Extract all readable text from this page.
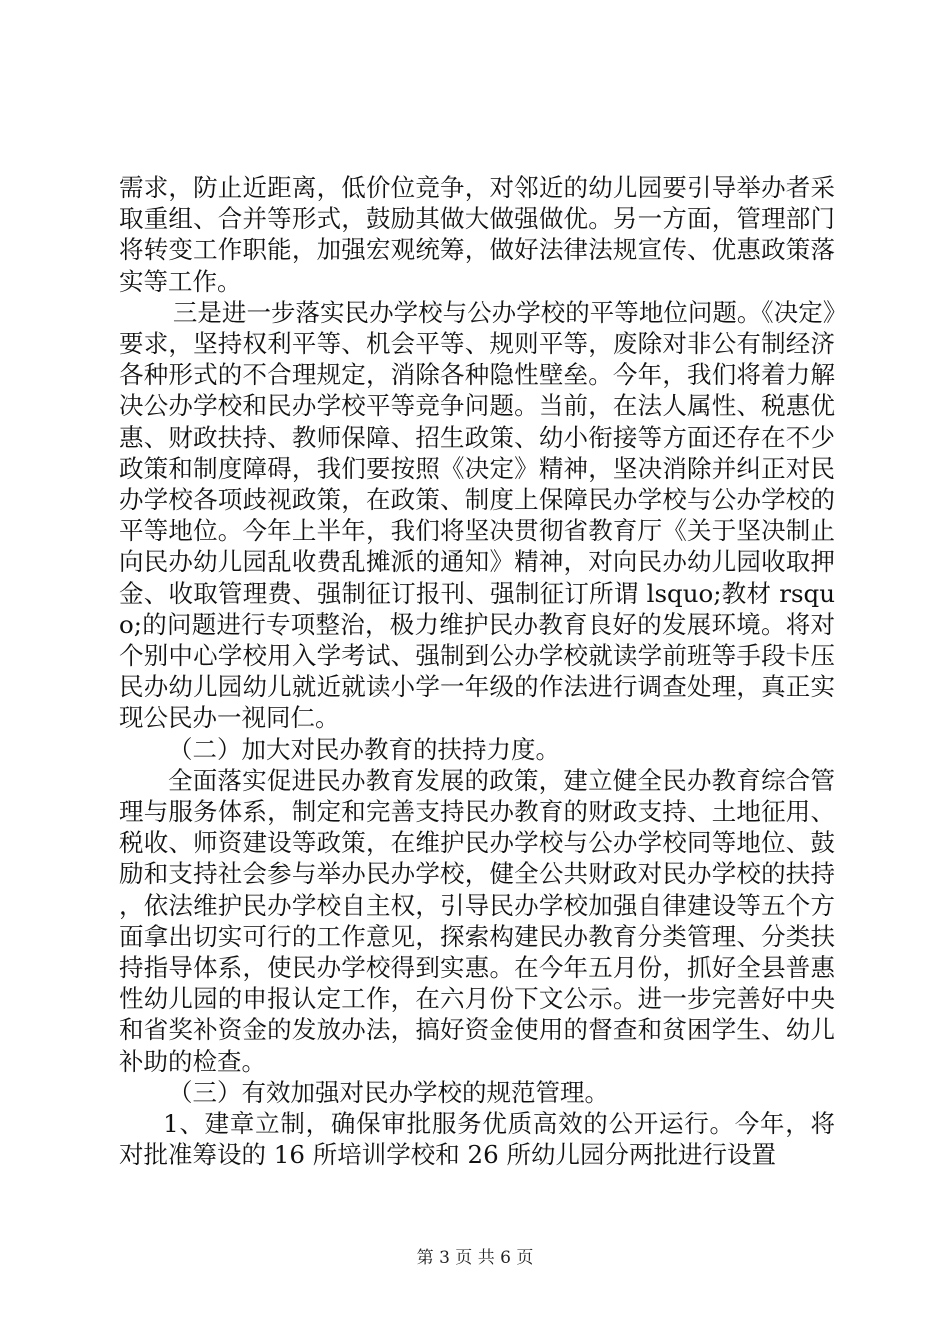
需求，防止近距离，低价位竞争，对邻近的幼儿园要引导举办者采取重组、合并等形式，鼓励其做大做强做优。另一方面，管理部门将转变工作职能，加强宏观统筹，做好法律法规宣传、优惠政策落实等工作。

三是进一步落实民办学校与公办学校的平等地位问题。《决定》要求，坚持权利平等、机会平等、规则平等，废除对非公有制经济各种形式的不合理规定，消除各种隐性壁垒。今年，我们将着力解决公办学校和民办学校平等竞争问题。当前，在法人属性、税惠优惠、财政扶持、教师保障、招生政策、幼小衔接等方面还存在不少政策和制度障碍，我们要按照《决定》精神，坚决消除并纠正对民办学校各项歧视政策，在政策、制度上保障民办学校与公办学校的平等地位。今年上半年，我们将坚决贯彻省教育厅《关于坚决制止向民办幼儿园乱收费乱摊派的通知》精神，对向民办幼儿园收取押金、收取管理费、强制征订报刊、强制征订所谓 lsquo;教材 rsquo;的问题进行专项整治，极力维护民办教育良好的发展环境。将对个别中心学校用入学考试、强制到公办学校就读学前班等手段卡压民办幼儿园幼儿就近就读小学一年级的作法进行调查处理，真正实现公民办一视同仁。

（二）加大对民办教育的扶持力度。

全面落实促进民办教育发展的政策，建立健全民办教育综合管理与服务体系，制定和完善支持民办教育的财政支持、土地征用、税收、师资建设等政策，在维护民办学校与公办学校同等地位、鼓励和支持社会参与举办民办学校，健全公共财政对民办学校的扶持，依法维护民办学校自主权，引导民办学校加强自律建设等五个方面拿出切实可行的工作意见，探索构建民办教育分类管理、分类扶持指导体系，使民办学校得到实惠。在今年五月份，抓好全县普惠性幼儿园的申报认定工作，在六月份下文公示。进一步完善好中央和省奖补资金的发放办法，搞好资金使用的督查和贫困学生、幼儿补助的检查。

（三）有效加强对民办学校的规范管理。

1、建章立制，确保审批服务优质高效的公开运行。今年，将对批准筹设的 16 所培训学校和 26 所幼儿园分两批进行设置

第 3 页 共 6 页
